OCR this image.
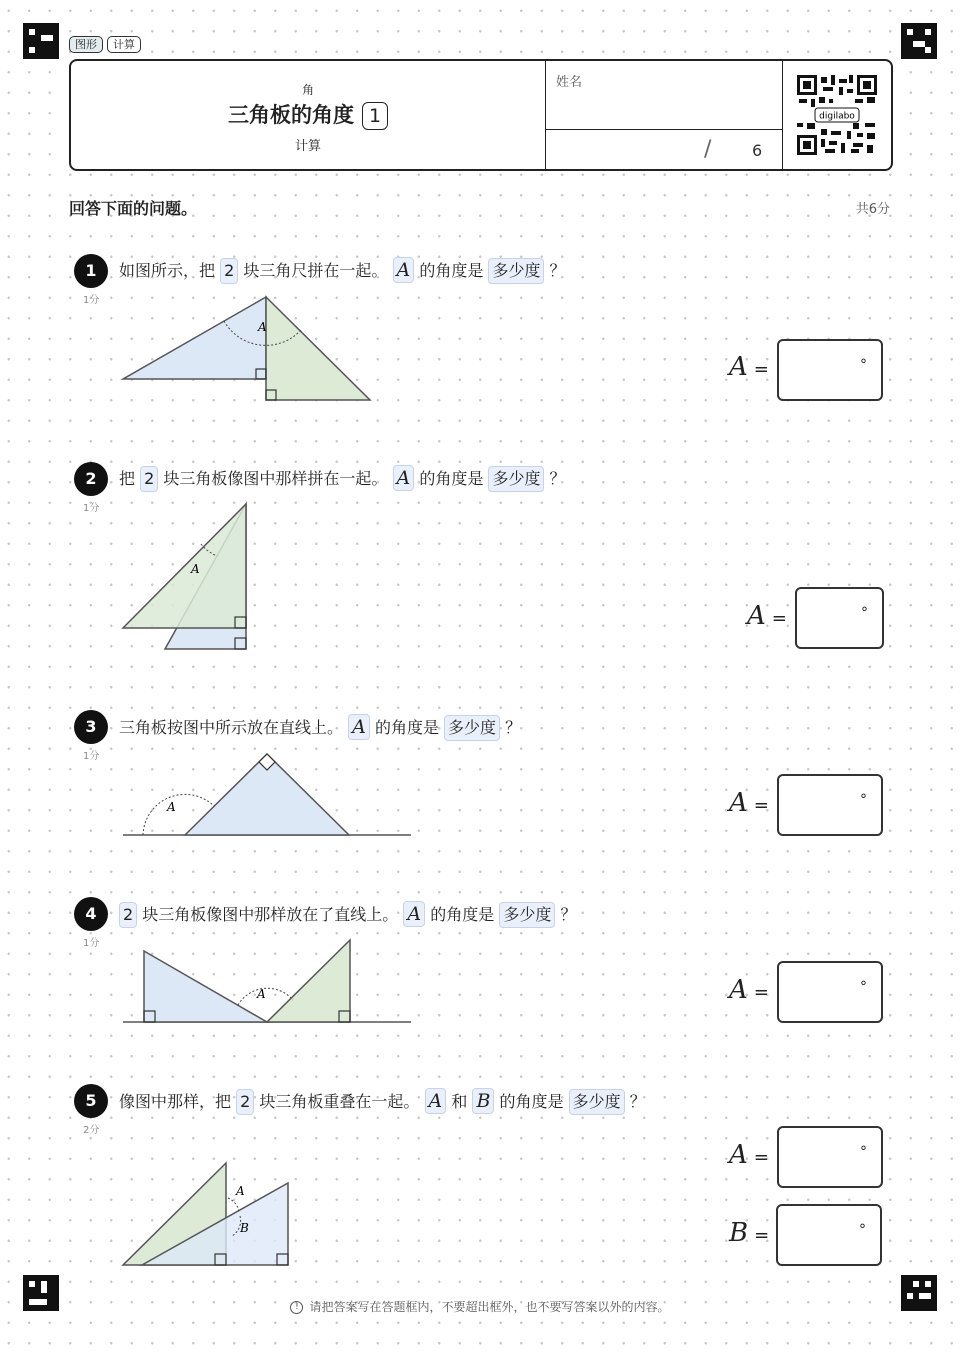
图形	计算
角
三角板的角度 1
计算
姓名
/	6
digilabo
回答下面的问题。	共6分
1
1分
如图所示，把 2 块三角尺拼在一起。 A 的角度是 多少度 ？
A
A =	°
2
1分
把 2 块三角板像图中那样拼在一起。 A 的角度是 多少度 ？
A
A =	°
3
1分
三角板按图中所示放在直线上。 A 的角度是 多少度 ？
A	A =	°
4
1分
2 块三角板像图中那样放在了直线上。 A 的角度是 多少度 ？
A	A =	°
5
2分
像图中那样，把 2 块三角板重叠在一起。 A 和 B 的角度是 多少度 ？
A
B
A =	°
B =	°
! 请把答案写在答题框内，不要超出框外，也不要写答案以外的内容。
